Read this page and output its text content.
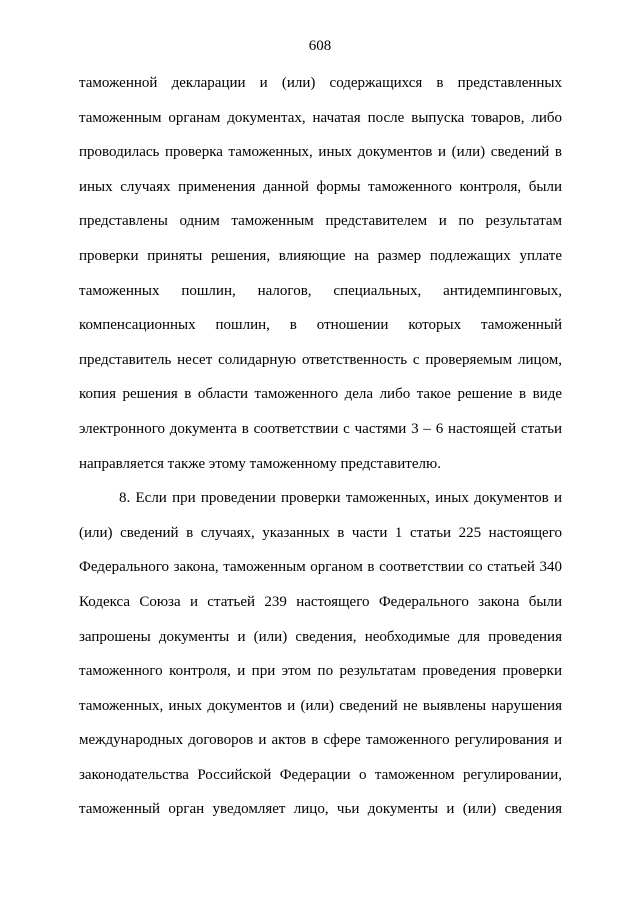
608
таможенной декларации и (или) содержащихся в представленных
таможенным органам документах, начатая после выпуска товаров, либо
проводилась проверка таможенных, иных документов и (или) сведений в
иных случаях применения данной формы таможенного контроля, были
представлены одним таможенным представителем и по результатам
проверки приняты решения, влияющие на размер подлежащих уплате
таможенных пошлин, налогов, специальных, антидемпинговых,
компенсационных пошлин, в отношении которых таможенный
представитель несет солидарную ответственность с проверяемым лицом,
копия решения в области таможенного дела либо такое решение в виде
электронного документа в соответствии с частями 3 – 6 настоящей статьи
направляется также этому таможенному представителю.
8. Если при проведении проверки таможенных, иных документов и
(или) сведений в случаях, указанных в части 1 статьи 225 настоящего
Федерального закона, таможенным органом в соответствии со статьей 340
Кодекса Союза и статьей 239 настоящего Федерального закона были
запрошены документы и (или) сведения, необходимые для проведения
таможенного контроля, и при этом по результатам проведения проверки
таможенных, иных документов и (или) сведений не выявлены нарушения
международных договоров и актов в сфере таможенного регулирования и
законодательства Российской Федерации о таможенном регулировании,
таможенный орган уведомляет лицо, чьи документы и (или) сведения
